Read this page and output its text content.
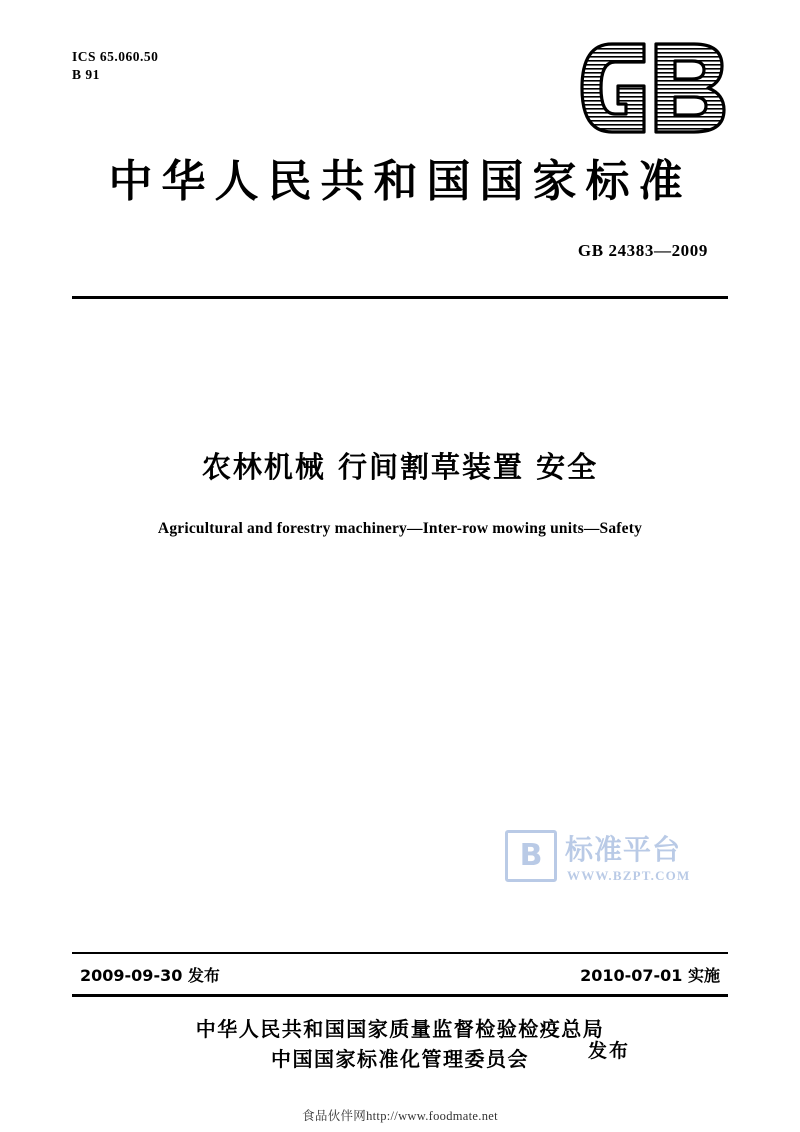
ICS 65.060.50
B 91
中华人民共和国国家标准
GB 24383—2009
农林机械 行间割草装置 安全
Agricultural and forestry machinery—Inter-row mowing units—Safety
B 标准平台
WWW.BZPT.COM
2009-09-30 发布	2010-07-01 实施
中华人民共和国国家质量监督检验检疫总局
中国国家标准化管理委员会	发布
食品伙伴网http://www.foodmate.net
